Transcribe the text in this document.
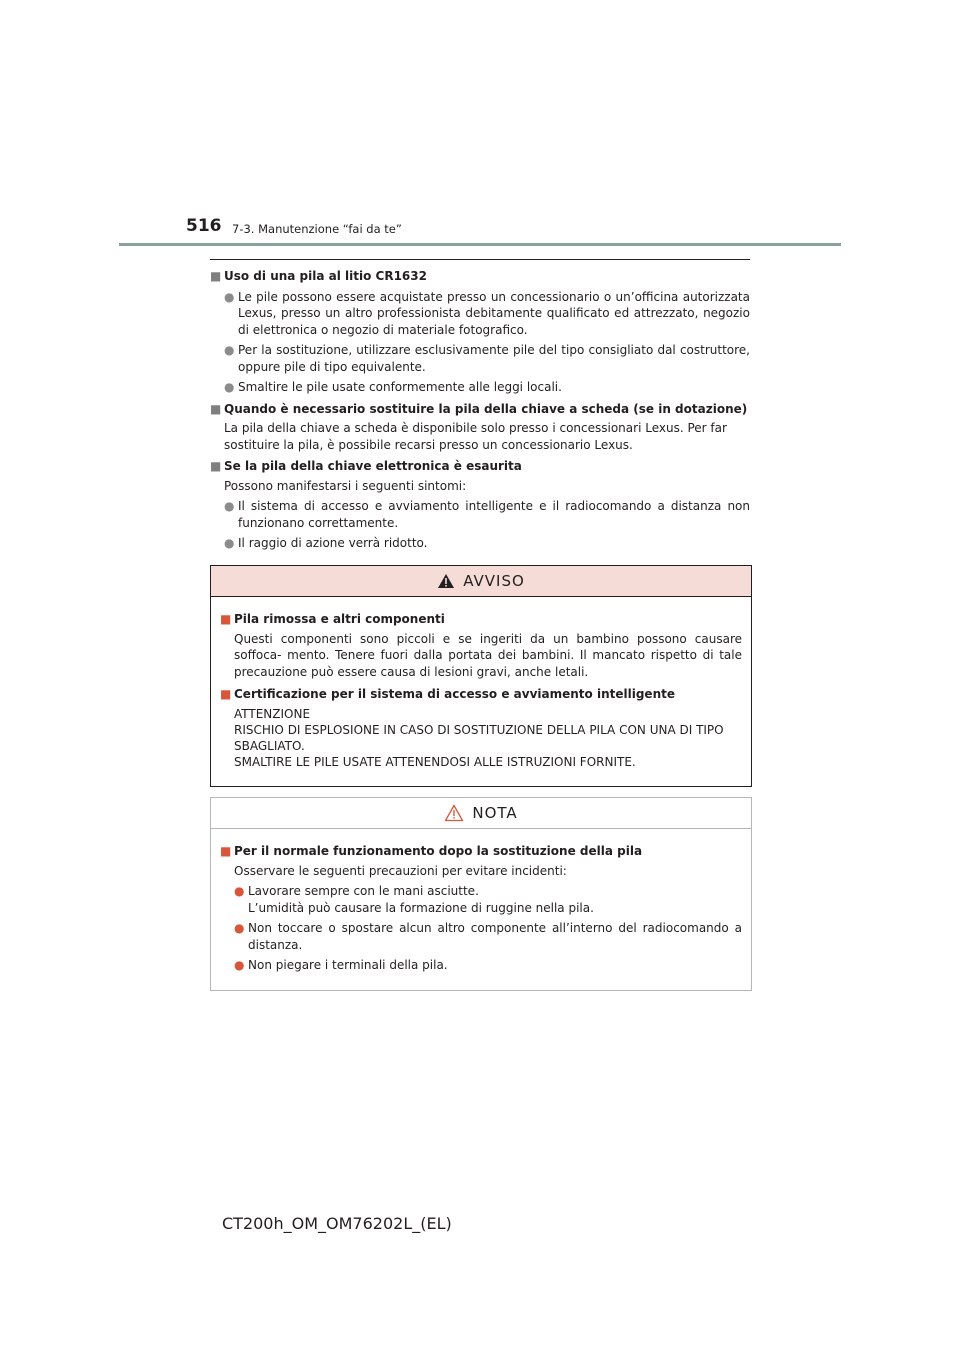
516 7-3. Manutenzione “fai da te”
■ Uso di una pila al litio CR1632
● Le pile possono essere acquistate presso un concessionario o un’officina autorizzata Lexus, presso un altro professionista debitamente qualificato ed attrezzato, negozio di elettronica o negozio di materiale fotografico.
● Per la sostituzione, utilizzare esclusivamente pile del tipo consigliato dal costruttore, oppure pile di tipo equivalente.
● Smaltire le pile usate conformemente alle leggi locali.
■ Quando è necessario sostituire la pila della chiave a scheda (se in dotazione)
La pila della chiave a scheda è disponibile solo presso i concessionari Lexus. Per far sostituire la pila, è possibile recarsi presso un concessionario Lexus.
■ Se la pila della chiave elettronica è esaurita
Possono manifestarsi i seguenti sintomi:
● Il sistema di accesso e avviamento intelligente e il radiocomando a distanza non funzionano correttamente.
● Il raggio di azione verrà ridotto.
AVVISO
■ Pila rimossa e altri componenti
Questi componenti sono piccoli e se ingeriti da un bambino possono causare soffoca- mento. Tenere fuori dalla portata dei bambini. Il mancato rispetto di tale precauzione può essere causa di lesioni gravi, anche letali.
■ Certificazione per il sistema di accesso e avviamento intelligente
ATTENZIONE
RISCHIO DI ESPLOSIONE IN CASO DI SOSTITUZIONE DELLA PILA CON UNA DI TIPO SBAGLIATO.
SMALTIRE LE PILE USATE ATTENENDOSI ALLE ISTRUZIONI FORNITE.
NOTA
■ Per il normale funzionamento dopo la sostituzione della pila
Osservare le seguenti precauzioni per evitare incidenti:
● Lavorare sempre con le mani asciutte.
L’umidità può causare la formazione di ruggine nella pila.
● Non toccare o spostare alcun altro componente all’interno del radiocomando a distanza.
● Non piegare i terminali della pila.
CT200h_OM_OM76202L_(EL)
